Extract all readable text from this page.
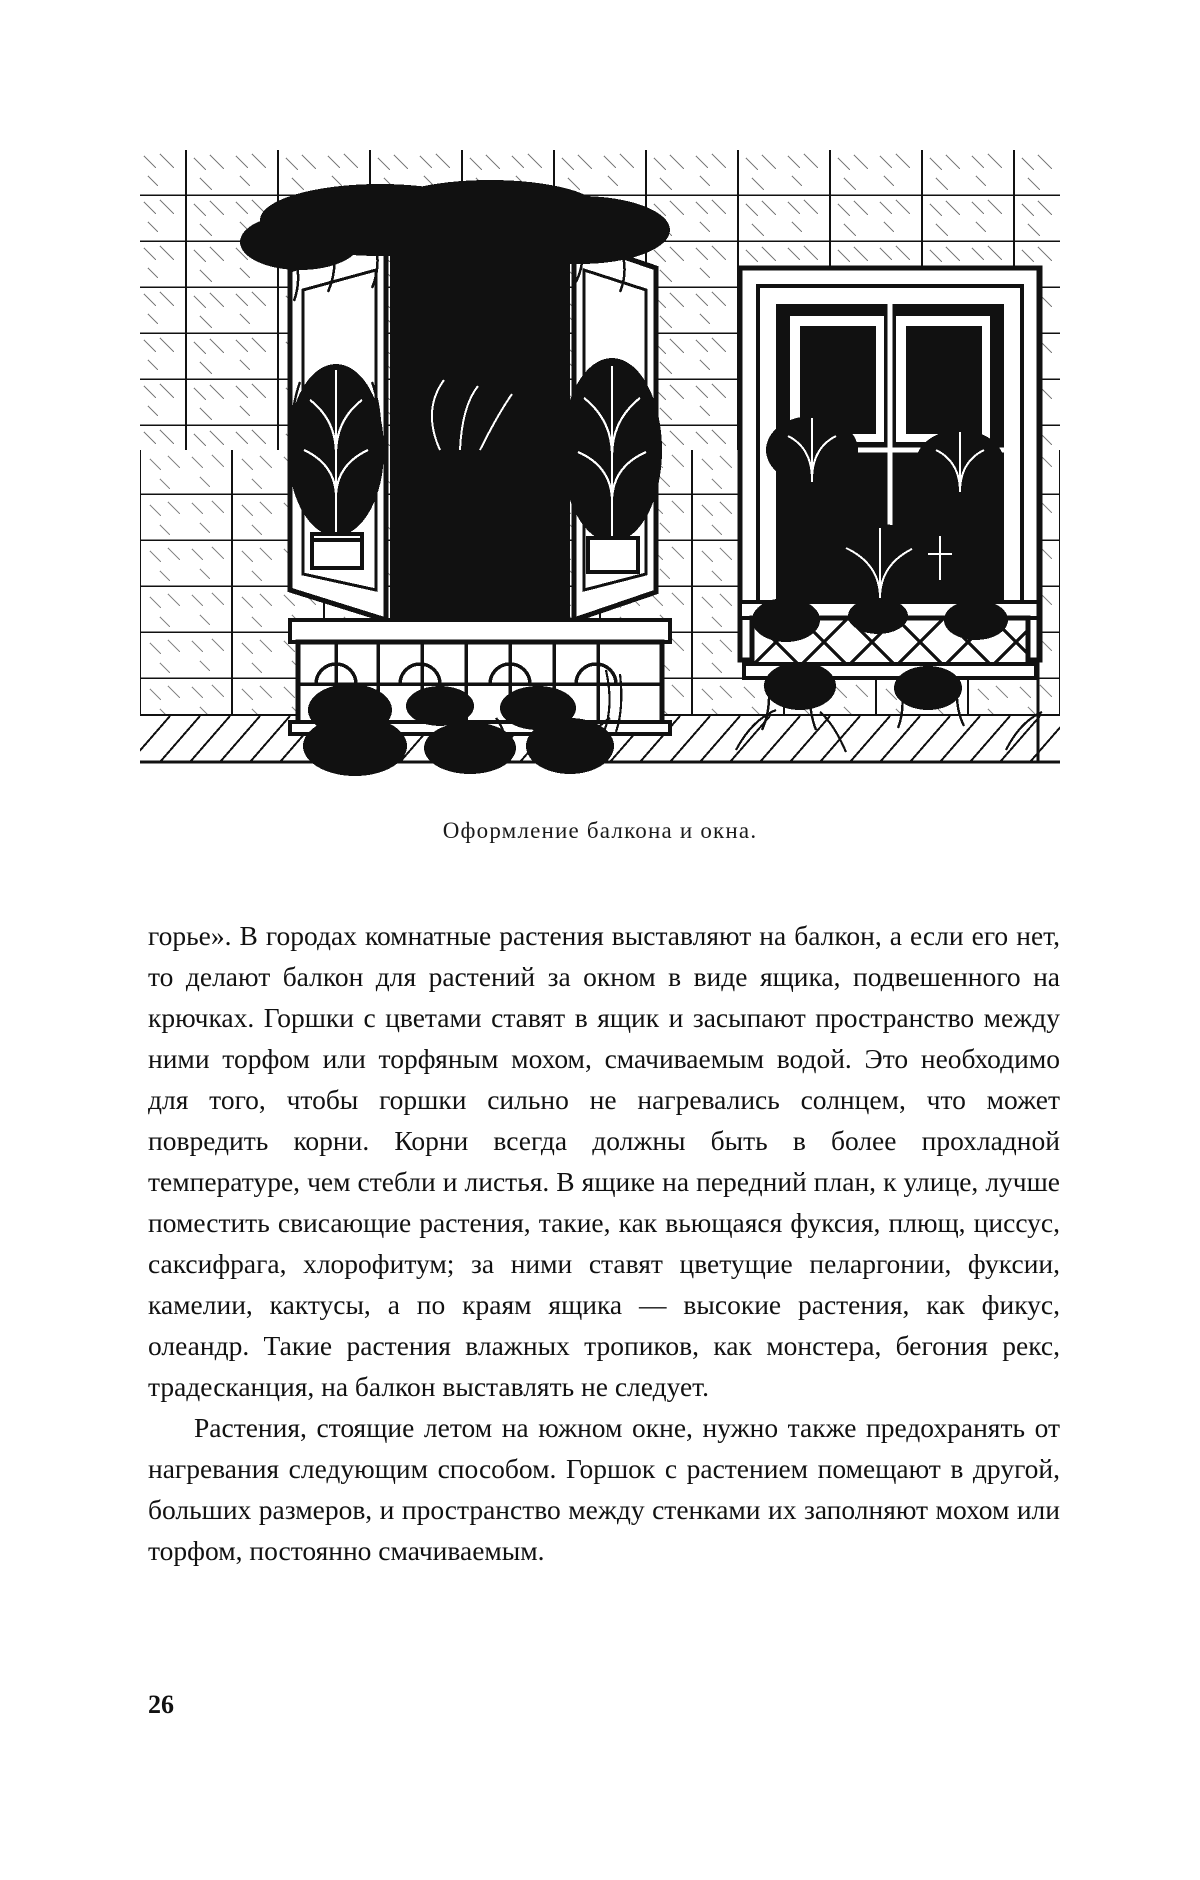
Оформление балкона и окна.

горье». В городах комнатные растения выставляют на балкон, а если его нет, то делают балкон для растений за окном в виде ящика, подвешенного на крючках. Горшки с цветами ставят в ящик и засыпают пространство между ними торфом или торфяным мохом, смачиваемым водой. Это необходимо для того, чтобы горшки сильно не нагревались солнцем, что может повредить корни. Корни всегда должны быть в более прохладной температуре, чем стебли и листья. В ящике на передний план, к улице, лучше поместить свисающие растения, такие, как вьющаяся фуксия, плющ, циссус, саксифрага, хлорофитум; за ними ставят цветущие пеларгонии, фуксии, камелии, кактусы, а по краям ящика — высокие растения, как фикус, олеандр. Такие растения влажных тропиков, как монстера, бегония рекс, традесканция, на балкон выставлять не следует.

Растения, стоящие летом на южном окне, нужно также предохранять от нагревания следующим способом. Горшок с растением помещают в другой, больших размеров, и пространство между стенками их заполняют мохом или торфом, постоянно смачиваемым.

26
